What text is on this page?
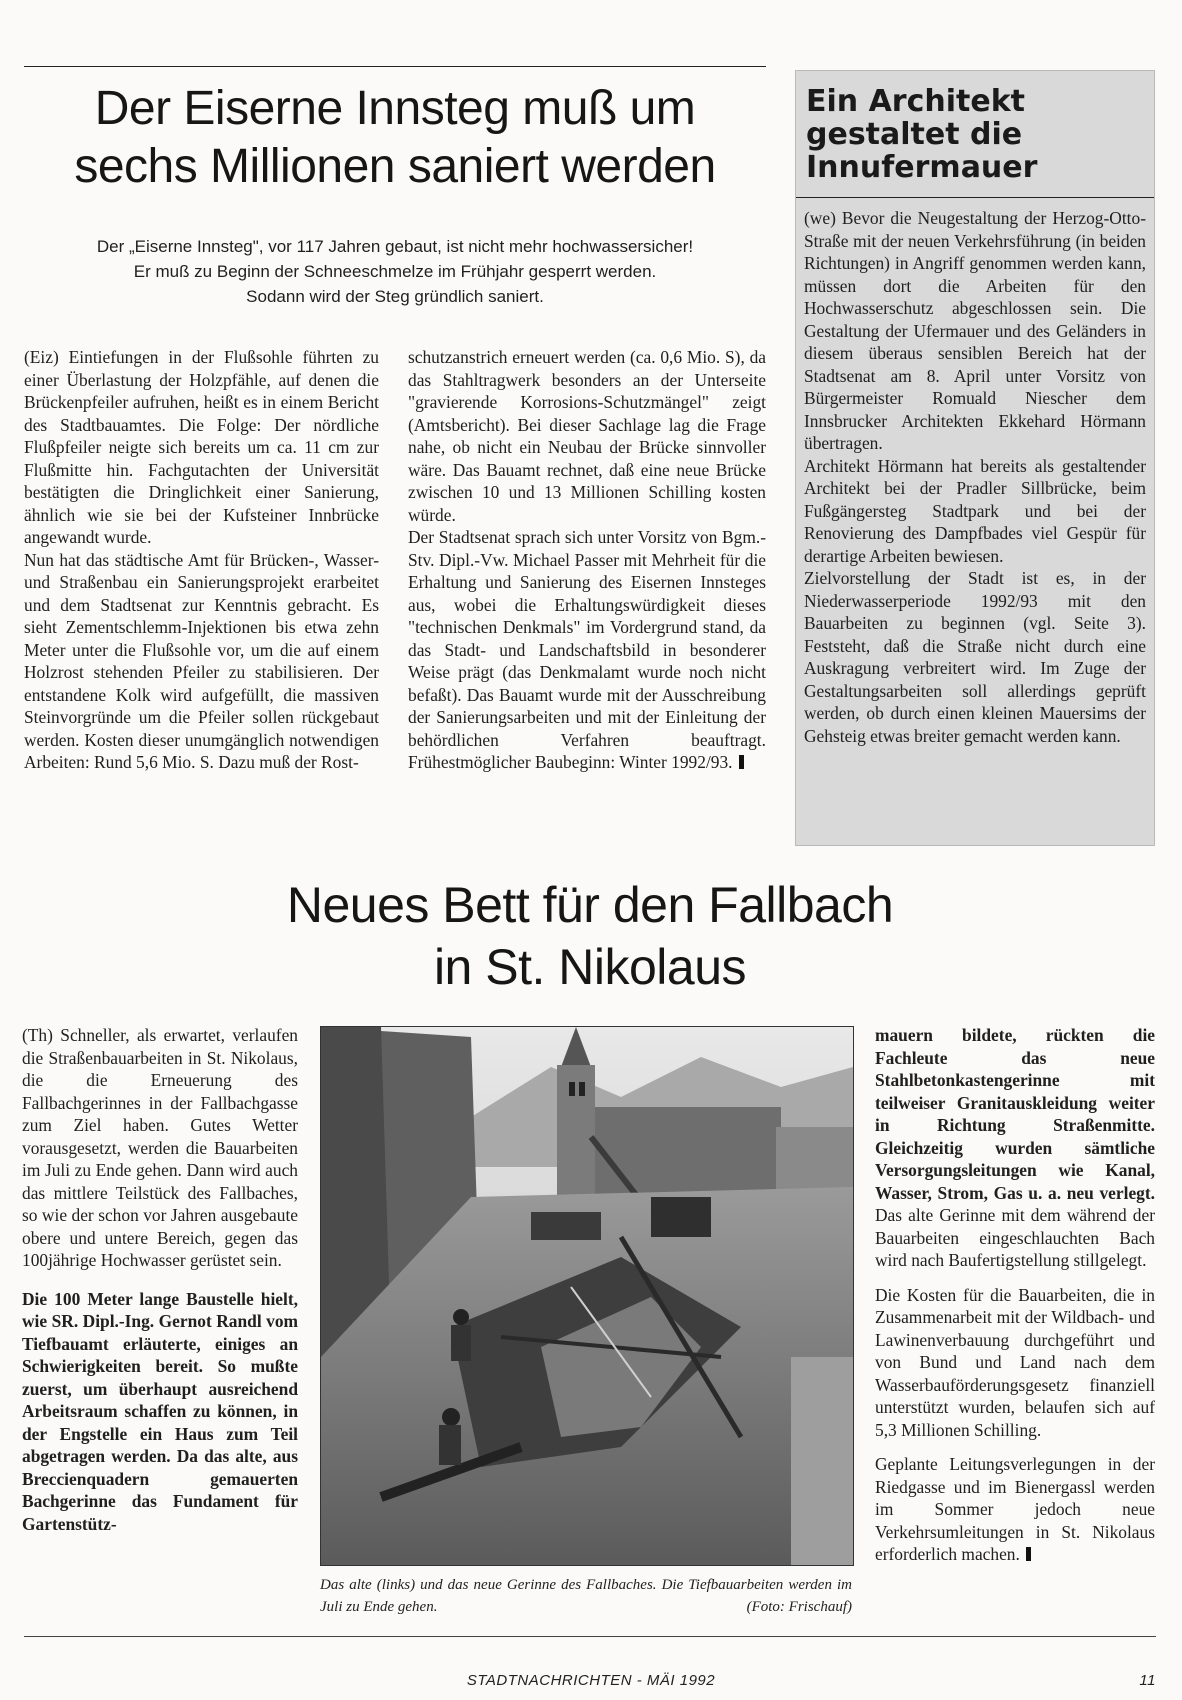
Der Eiserne Innsteg muß um
sechs Millionen saniert werden
Der „Eiserne Innsteg", vor 117 Jahren gebaut, ist nicht mehr hochwassersicher!
Er muß zu Beginn der Schneeschmelze im Frühjahr gesperrt werden.
Sodann wird der Steg gründlich saniert.

(Eiz) Eintiefungen in der Flußsohle führten zu einer Überlastung der Holzpfähle, auf denen die Brückenpfeiler aufruhen, heißt es in einem Bericht des Stadtbauamtes. Die Folge: Der nördliche Flußpfeiler neigte sich bereits um ca. 11 cm zur Flußmitte hin. Fachgutachten der Universität bestätigten die Dringlichkeit einer Sanierung, ähnlich wie sie bei der Kufsteiner Innbrücke angewandt wurde.

Nun hat das städtische Amt für Brücken-, Wasser- und Straßenbau ein Sanierungsprojekt erarbeitet und dem Stadtsenat zur Kenntnis gebracht. Es sieht Zementschlemm-Injektionen bis etwa zehn Meter unter die Flußsohle vor, um die auf einem Holzrost stehenden Pfeiler zu stabilisieren. Der entstandene Kolk wird aufgefüllt, die massiven Steinvorgründe um die Pfeiler sollen rückgebaut werden. Kosten dieser unumgänglich notwendigen Arbeiten: Rund 5,6 Mio. S. Dazu muß der Rost-

schutzanstrich erneuert werden (ca. 0,6 Mio. S), da das Stahltragwerk besonders an der Unterseite "gravierende Korrosions-Schutzmängel" zeigt (Amtsbericht). Bei dieser Sachlage lag die Frage nahe, ob nicht ein Neubau der Brücke sinnvoller wäre. Das Bauamt rechnet, daß eine neue Brücke zwischen 10 und 13 Millionen Schilling kosten würde.

Der Stadtsenat sprach sich unter Vorsitz von Bgm.-Stv. Dipl.-Vw. Michael Passer mit Mehrheit für die Erhaltung und Sanierung des Eisernen Innsteges aus, wobei die Erhaltungswürdigkeit dieses "technischen Denkmals" im Vordergrund stand, da das Stadt- und Landschaftsbild in besonderer Weise prägt (das Denkmalamt wurde noch nicht befaßt). Das Bauamt wurde mit der Ausschreibung der Sanierungsarbeiten und mit der Einleitung der behördlichen Verfahren beauftragt. Frühestmöglicher Baubeginn: Winter 1992/93.

Ein Architekt
gestaltet die
Innufermauer

(we) Bevor die Neugestaltung der Herzog-Otto-Straße mit der neuen Verkehrsführung (in beiden Richtungen) in Angriff genommen werden kann, müssen dort die Arbeiten für den Hochwasserschutz abgeschlossen sein. Die Gestaltung der Ufermauer und des Geländers in diesem überaus sensiblen Bereich hat der Stadtsenat am 8. April unter Vorsitz von Bürgermeister Romuald Niescher dem Innsbrucker Architekten Ekkehard Hörmann übertragen.

Architekt Hörmann hat bereits als gestaltender Architekt bei der Pradler Sillbrücke, beim Fußgängersteg Stadtpark und bei der Renovierung des Dampfbades viel Gespür für derartige Arbeiten bewiesen.

Zielvorstellung der Stadt ist es, in der Niederwasserperiode 1992/93 mit den Bauarbeiten zu beginnen (vgl. Seite 3). Feststeht, daß die Straße nicht durch eine Auskragung verbreitert wird. Im Zuge der Gestaltungsarbeiten soll allerdings geprüft werden, ob durch einen kleinen Mauersims der Gehsteig etwas breiter gemacht werden kann.

Neues Bett für den Fallbach
in St. Nikolaus

(Th) Schneller, als erwartet, verlaufen die Straßenbauarbeiten in St. Nikolaus, die die Erneuerung des Fallbachgerinnes in der Fallbachgasse zum Ziel haben. Gutes Wetter vorausgesetzt, werden die Bauarbeiten im Juli zu Ende gehen. Dann wird auch das mittlere Teilstück des Fallbaches, so wie der schon vor Jahren ausgebaute obere und untere Bereich, gegen das 100jährige Hochwasser gerüstet sein.

Die 100 Meter lange Baustelle hielt, wie SR. Dipl.-Ing. Gernot Randl vom Tiefbauamt erläuterte, einiges an Schwierigkeiten bereit. So mußte zuerst, um überhaupt ausreichend Arbeitsraum schaffen zu können, in der Engstelle ein Haus zum Teil abgetragen werden. Da das alte, aus Breccienquadern gemauerten Bachgerinne das Fundament für Gartenstütz-

Das alte (links) und das neue Gerinne des Fallbaches. Die Tiefbauarbeiten werden im Juli zu Ende gehen.	(Foto: Frischauf)

mauern bildete, rückten die Fachleute das neue Stahlbetonkastengerinne mit teilweiser Granitauskleidung weiter in Richtung Straßenmitte. Gleichzeitig wurden sämtliche Versorgungsleitungen wie Kanal, Wasser, Strom, Gas u. a. neu verlegt. Das alte Gerinne mit dem während der Bauarbeiten eingeschlauchten Bach wird nach Baufertigstellung stillgelegt.

Die Kosten für die Bauarbeiten, die in Zusammenarbeit mit der Wildbach- und Lawinenverbauung durchgeführt und von Bund und Land nach dem Wasserbauförderungsgesetz finanziell unterstützt wurden, belaufen sich auf 5,3 Millionen Schilling.

Geplante Leitungsverlegungen in der Riedgasse und im Bienergassl werden im Sommer jedoch neue Verkehrsumleitungen in St. Nikolaus erforderlich machen.

STADTNACHRICHTEN - MÄI 1992	11
